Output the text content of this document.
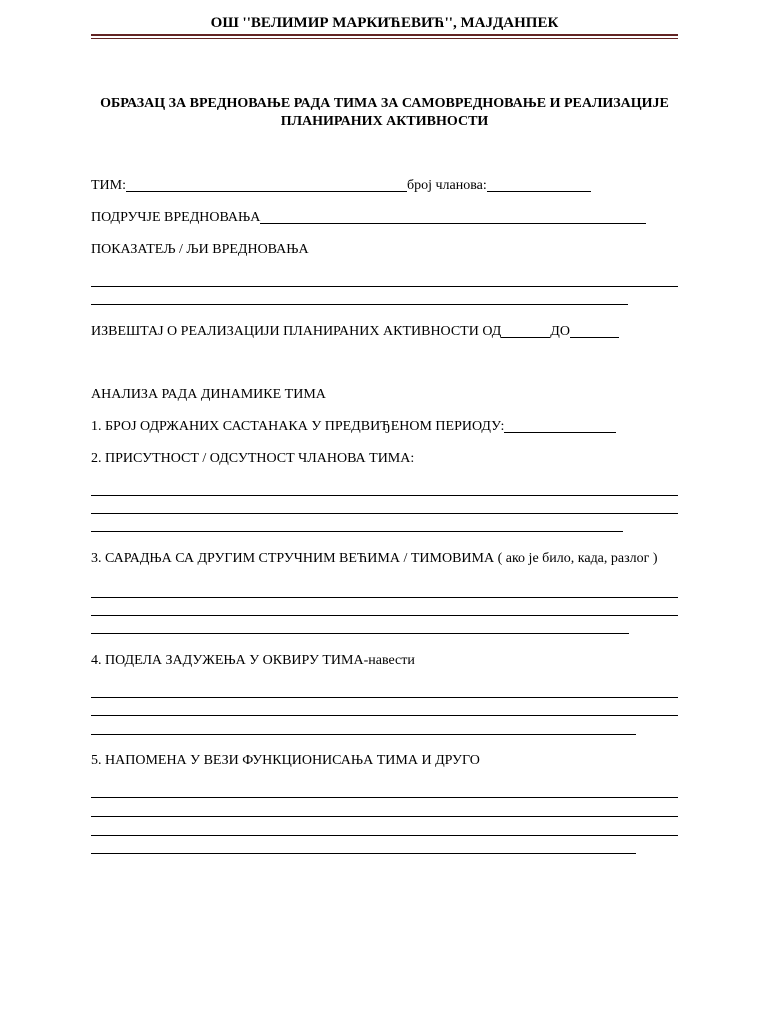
ОШ ''ВЕЛИМИР МАРКИЋЕВИЋ'', МАЈДАНПЕК
ОБРАЗАЦ ЗА ВРЕДНОВАЊЕ РАДА ТИМА ЗА САМОВРЕДНОВАЊЕ И РЕАЛИЗАЦИЈЕ
ПЛАНИРАНИХ АКТИВНОСТИ
ТИМ:	број чланова:
ПОДРУЧЈЕ ВРЕДНОВАЊА
ПОКАЗАТЕЉ / ЉИ ВРЕДНОВАЊА
ИЗВЕШТАЈ О РЕАЛИЗАЦИЈИ ПЛАНИРАНИХ АКТИВНОСТИ ОД	ДО
АНАЛИЗА РАДА ДИНАМИКЕ ТИМА
1. БРОЈ ОДРЖАНИХ САСТАНАКА У ПРЕДВИЂЕНОМ ПЕРИОДУ:
2. ПРИСУТНОСТ / ОДСУТНОСТ ЧЛАНОВА ТИМА:
3. САРАДЊА СА ДРУГИМ СТРУЧНИМ ВЕЋИМА / ТИМОВИМА ( ако је било, када, разлог )
4. ПОДЕЛА ЗАДУЖЕЊА У ОКВИРУ ТИМА-навести
5. НАПОМЕНА У ВЕЗИ ФУНКЦИОНИСАЊА ТИМА И ДРУГО
